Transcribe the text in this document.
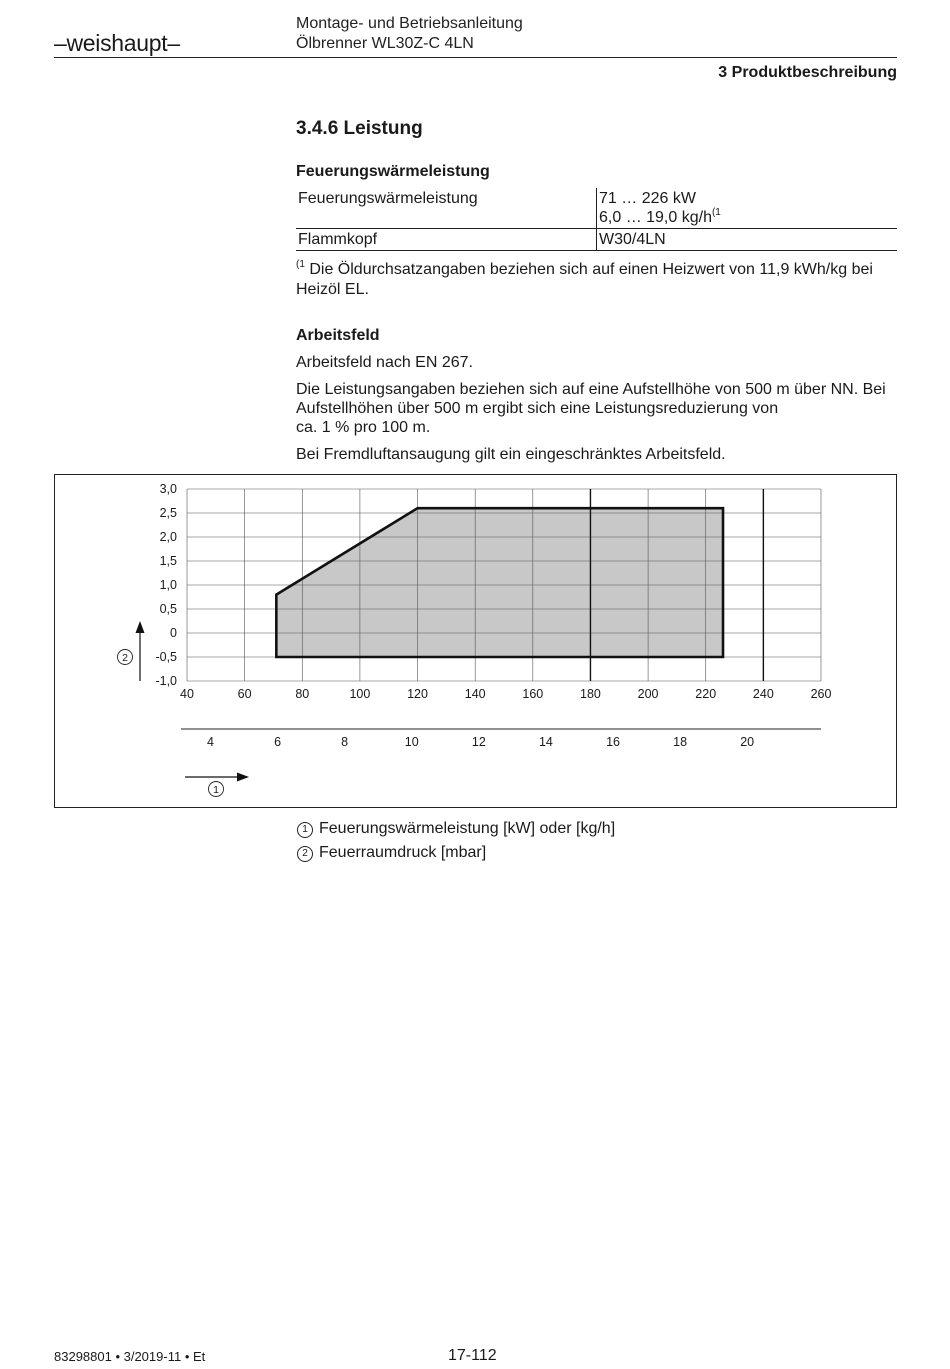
–weishaupt–
Montage- und Betriebsanleitung
Ölbrenner WL30Z-C 4LN
3 Produktbeschreibung
3.4.6 Leistung
Feuerungswärmeleistung
Feuerungswärmeleistung	71 … 226 kW
6,0 … 19,0 $kg/h^{(1}$

Flammkopf	W30/4LN
$^{(1}$ Die Öldurchsatzangaben beziehen sich auf einen Heizwert von 11,9 kWh/kg bei
Heizöl EL.
Arbeitsfeld
Arbeitsfeld nach EN 267.
Die Leistungsangaben beziehen sich auf eine Aufstellhöhe von 500 m über NN. Bei
Aufstellhöhen über 500 m ergibt sich eine Leistungsreduzierung von
ca. 1 % pro 100 m.
Bei Fremdluftansaugung gilt ein eingeschränktes Arbeitsfeld.
-1,0
-0,5
0
0,5
1,0
1,5
2,0
2,5
3,0
40	60	80	100	120	140	160	180	200	220	240	260
4	6	8	10	12	14	16	18	20
1
2
1 Feuerungswärmeleistung [kW] oder [kg/h]
2 Feuerraumdruck [mbar]
83298801 • 3/2019-11 • Et	17-112
